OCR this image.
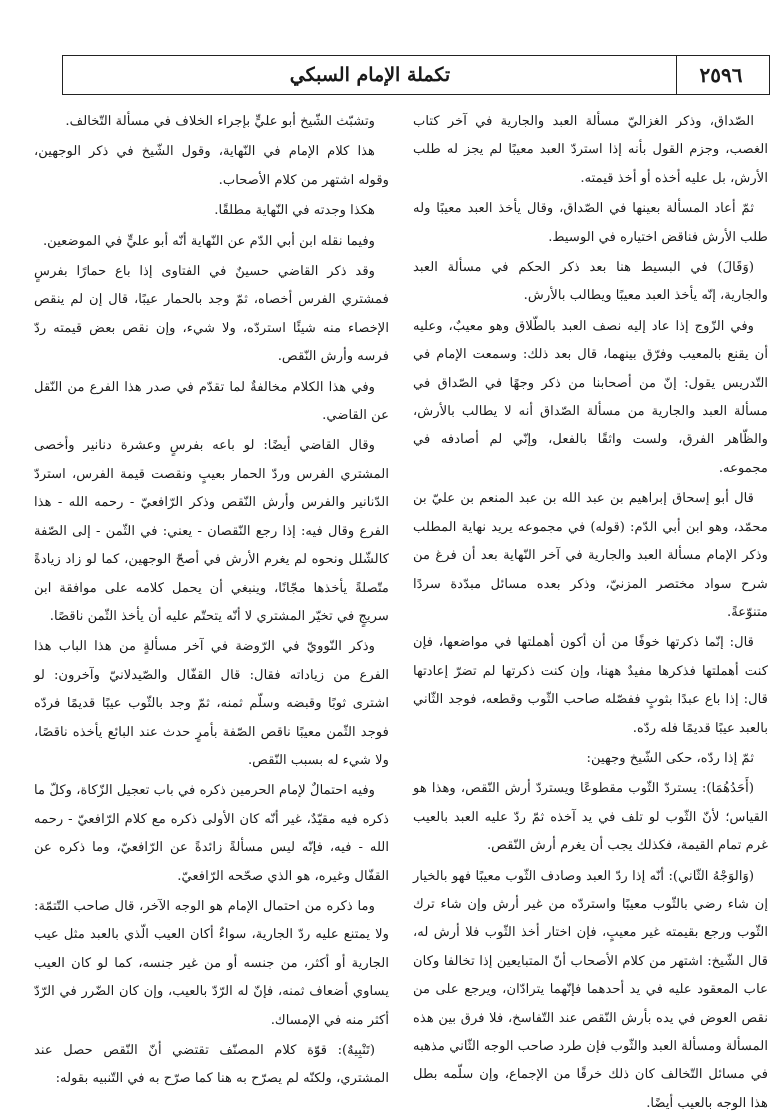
٢٥٩٦
تكملة الإمام السبكي

الصّداق، وذكر الغزاليّ مسألة العبد والجارية في آخر كتاب الغصب، وجزم القول بأنه إذا استردّ العبد معيبًا لم يجز له طلب الأرش، بل عليه أخذه أو أخذ قيمته.

ثمّ أعاد المسألة بعينها في الصّداق، وقال يأخذ العبد معيبًا وله طلب الأرش فناقض اختياره في الوسيط.

(وَقَالَ) في البسيط هنا بعد ذكر الحكم في مسألة العبد والجارية، إنّه يأخذ العبد معيبًا ويطالب بالأرش.

وفي الزّوج إذا عاد إليه نصف العبد بالطّلاق وهو معيبٌ، وعليه أن يقنع بالمعيب وفرّق بينهما، قال بعد ذلك: وسمعت الإمام في التّدريس يقول: إنّ من أصحابنا من ذكر وجهًا في الصّداق في مسألة العبد والجارية من مسألة الصّداق أنه لا يطالب بالأرش، والظّاهر الفرق، ولست واثقًا بالفعل، وإنّي لم أصادفه في مجموعه.

قال أبو إسحاق إبراهيم بن عبد الله بن عبد المنعم بن عليّ بن محمّد، وهو ابن أبي الدّم: (قوله) في مجموعه يريد نهاية المطلب وذكر الإمام مسألة العبد والجارية في آخر النّهاية بعد أن فرغ من شرح سواد مختصر المزنيّ، وذكر بعده مسائل مبدّدة سردًا متنوّعةً.

قال: إنّما ذكرتها خوفًا من أن أكون أهملتها في مواضعها، فإن كنت أهملتها فذكرها مفيدٌ ههنا، وإن كنت ذكرتها لم تضرّ إعادتها قال: إذا باع عبدًا بثوبٍ ففصّله صاحب الثّوب وقطعه، فوجد الثّاني بالعبد عيبًا قديمًا فله ردّه.

ثمّ إذا ردّه، حكى الشّيخ وجهين:

(أَحَدُهُمَا): يستردّ الثّوب مقطوعًا ويستردّ أرش النّقص، وهذا هو القياس؛ لأنّ الثّوب لو تلف في يد آخذه ثمّ ردّ عليه العبد بالعيب غرم تمام القيمة، فكذلك يجب أن يغرم أرش النّقص.

(وَالوَجْهُ الثّاني): أنّه إذا ردّ العبد وصادف الثّوب معيبًا فهو بالخيار إن شاء رضي بالثّوب معيبًا واستردّه من غير أرش وإن شاء ترك الثّوب ورجع بقيمته غير معيبٍ، فإن اختار أخذ الثّوب فلا أرش له، قال الشّيخ: اشتهر من كلام الأصحاب أنّ المتبايعين إذا تخالفا وكان عاب المعقود عليه في يد أحدهما فإنّهما يترادّان، ويرجع على من نقص العوض في يده بأرش النّقص عند التّفاسخ، فلا فرق بين هذه المسألة ومسألة العبد والثّوب فإن طرد صاحب الوجه الثّاني مذهبه في مسائل التّخالف كان ذلك خرقًا من الإجماع، وإن سلّمه بطل هذا الوجه بالعيب أيضًا.

وتشبّث الشّيخ أبو عليٍّ بإجراء الخلاف في مسألة التّخالف.

هذا كلام الإمام في النّهاية، وقول الشّيخ في ذكر الوجهين، وقوله اشتهر من كلام الأصحاب.

هكذا وجدته في النّهاية مطلقًا.

وفيما نقله ابن أبي الدّم عن النّهاية أنّه أبو عليٍّ في الموضعين.

وقد ذكر القاضي حسينٌ في الفتاوى إذا باع حمارًا بفرسٍ فمشتري الفرس أخصاه، ثمّ وجد بالحمار عيبًا، قال إن لم ينقص الإخصاء منه شيئًا استردّه، ولا شيء، وإن نقص بعض قيمته ردّ فرسه وأرش النّقص.

وفي هذا الكلام مخالفةٌ لما تقدّم في صدر هذا الفرع من النّقل عن القاضي.

وقال القاضي أيضًا: لو باعه بفرسٍ وعشرة دنانير وأخصى المشتري الفرس وردّ الحمار بعيبٍ ونقصت قيمة الفرس، استردّ الدّنانير والفرس وأرش النّقص وذكر الرّافعيّ - رحمه الله - هذا الفرع وقال فيه: إذا رجع النّقصان - يعني: في الثّمن - إلى الصّفة كالشّلل ونحوه لم يغرم الأرش في أصحّ الوجهين، كما لو زاد زيادةً متّصلةً يأخذها مجّانًا، وينبغي أن يحمل كلامه على موافقة ابن سريجٍ في تخيّر المشتري لا أنّه يتحتّم عليه أن يأخذ الثّمن ناقصًا.

وذكر النّوويّ في الرّوضة في آخر مسألةٍ من هذا الباب هذا الفرع من زياداته فقال: قال القفّال والصّيدلانيّ وآخرون: لو اشترى ثوبًا وقبضه وسلّم ثمنه، ثمّ وجد بالثّوب عيبًا قديمًا فردّه فوجد الثّمن معيبًا ناقص الصّفة بأمرٍ حدث عند البائع يأخذه ناقصًا، ولا شيء له بسبب النّقص.

وفيه احتمالٌ لإمام الحرمين ذكره في باب تعجيل الزّكاة، وكلّ ما ذكره فيه مقيّدٌ، غير أنّه كان الأولى ذكره مع كلام الرّافعيّ - رحمه الله - فيه، فإنّه ليس مسألةً زائدةً عن الرّافعيّ، وما ذكره عن القفّال وغيره، هو الذي صحّحه الرّافعيّ.

وما ذكره من احتمال الإمام هو الوجه الآخر، قال صاحب التّتمّة: ولا يمتنع عليه ردّ الجارية، سواءٌ أكان العيب الّذي بالعبد مثل عيب الجارية أو أكثر، من جنسه أو من غير جنسه، كما لو كان العيب يساوي أضعاف ثمنه، فإنّ له الرّدّ بالعيب، وإن كان الضّرر في الرّدّ أكثر منه في الإمساك.

(تَنْبِيهٌ): قوّة كلام المصنّف تقتضي أنّ النّقص حصل عند المشتري، ولكنّه لم يصرّح به هنا كما صرّح به في التّنبيه بقوله:
